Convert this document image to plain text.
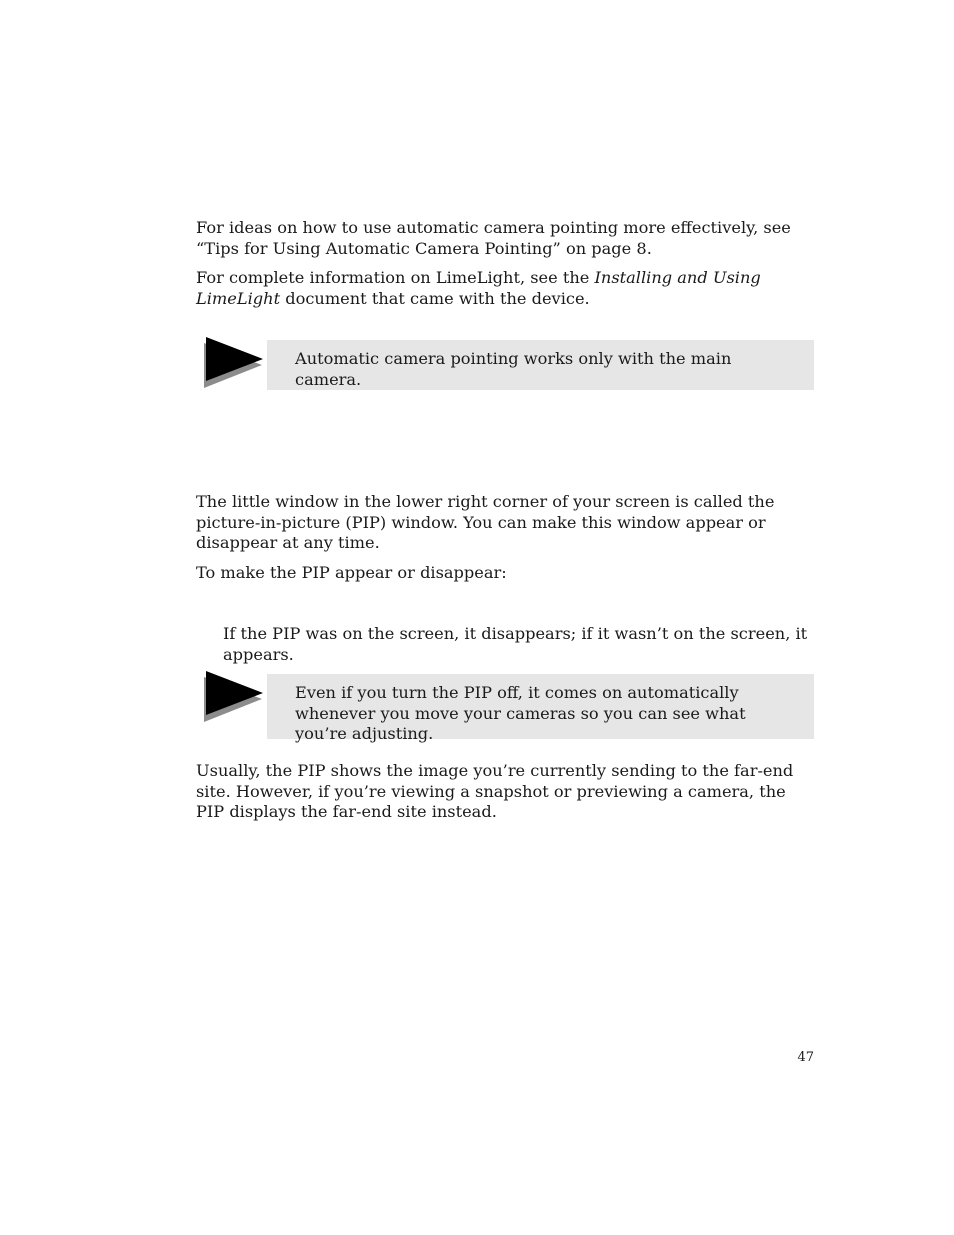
For ideas on how to use automatic camera pointing more effectively, see “Tips for Using Automatic Camera Pointing” on page 8.

For complete information on LimeLight, see the Installing and Using LimeLight document that came with the device.

Automatic camera pointing works only with the main camera.

The little window in the lower right corner of your screen is called the picture-in-picture (PIP) window. You can make this window appear or disappear at any time.

To make the PIP appear or disappear:

If the PIP was on the screen, it disappears; if it wasn’t on the screen, it appears.

Even if you turn the PIP off, it comes on automatically whenever you move your cameras so you can see what you’re adjusting.

Usually, the PIP shows the image you’re currently sending to the far-end site. However, if you’re viewing a snapshot or previewing a camera, the PIP displays the far-end site instead.

47
